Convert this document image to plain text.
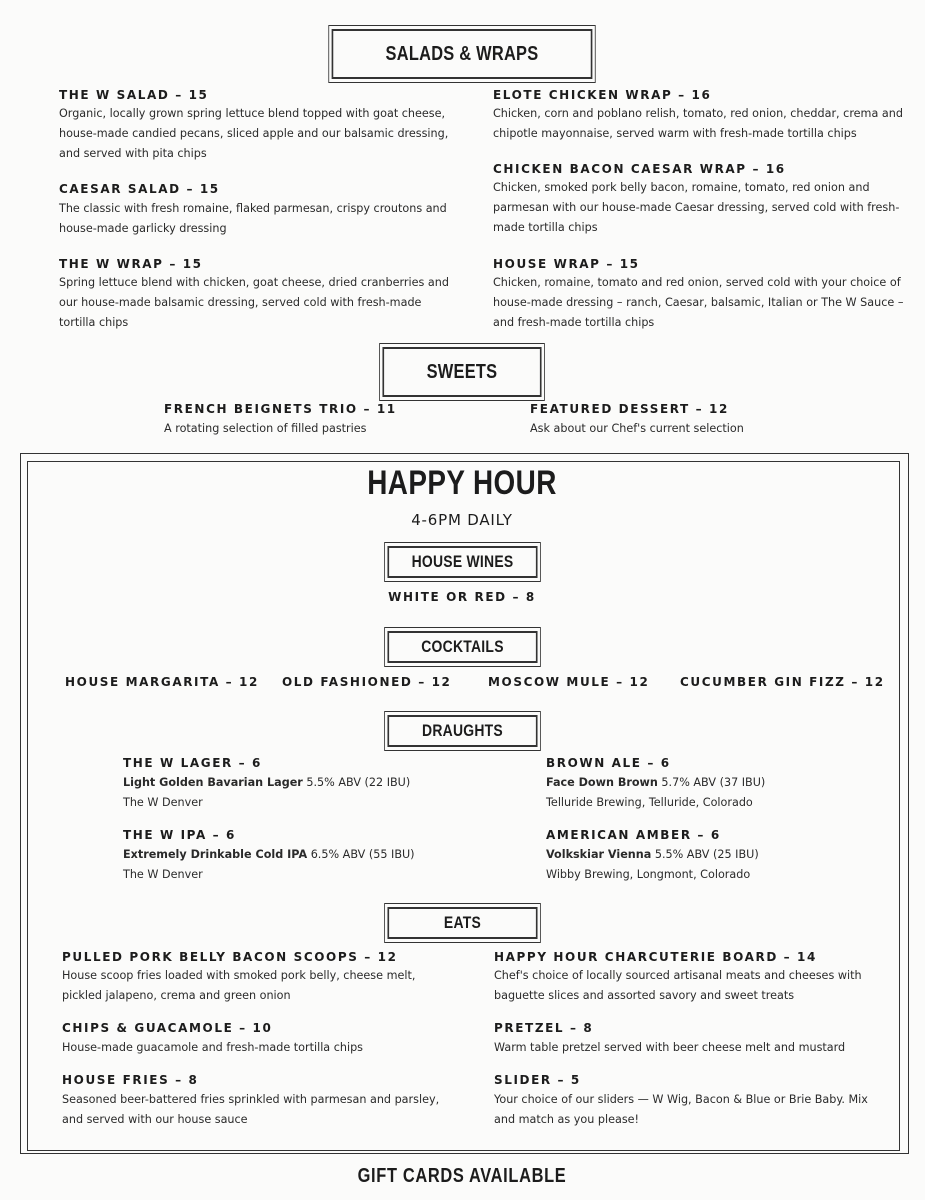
SALADS & WRAPS
THE W SALAD – 15
Organic, locally grown spring lettuce blend topped with goat cheese, house-made candied pecans, sliced apple and our balsamic dressing, and served with pita chips
CAESAR SALAD – 15
The classic with fresh romaine, flaked parmesan, crispy croutons and house-made garlicky dressing
THE W WRAP – 15
Spring lettuce blend with chicken, goat cheese, dried cranberries and our house-made balsamic dressing, served cold with fresh-made tortilla chips
ELOTE CHICKEN WRAP – 16
Chicken, corn and poblano relish, tomato, red onion, cheddar, crema and chipotle mayonnaise, served warm with fresh-made tortilla chips
CHICKEN BACON CAESAR WRAP – 16
Chicken, smoked pork belly bacon, romaine, tomato, red onion and parmesan with our house-made Caesar dressing, served cold with fresh-made tortilla chips
HOUSE WRAP – 15
Chicken, romaine, tomato and red onion, served cold with your choice of house-made dressing – ranch, Caesar, balsamic, Italian or The W Sauce – and fresh-made tortilla chips
SWEETS
FRENCH BEIGNETS TRIO – 11
A rotating selection of filled pastries
FEATURED DESSERT – 12
Ask about our Chef's current selection
HAPPY HOUR
4-6PM DAILY
HOUSE WINES
WHITE OR RED – 8
COCKTAILS
HOUSE MARGARITA – 12 OLD FASHIONED – 12	MOSCOW MULE – 12	CUCUMBER GIN FIZZ – 12
DRAUGHTS
THE W LAGER – 6
Light Golden Bavarian Lager 5.5% ABV (22 IBU)
The W Denver
THE W IPA – 6
Extremely Drinkable Cold IPA 6.5% ABV (55 IBU)
The W Denver
BROWN ALE – 6
Face Down Brown 5.7% ABV (37 IBU)
Telluride Brewing, Telluride, Colorado
AMERICAN AMBER – 6
Volkskiar Vienna 5.5% ABV (25 IBU)
Wibby Brewing, Longmont, Colorado
EATS
PULLED PORK BELLY BACON SCOOPS – 12
House scoop fries loaded with smoked pork belly, cheese melt, pickled jalapeno, crema and green onion
CHIPS & GUACAMOLE – 10
House-made guacamole and fresh-made tortilla chips
HOUSE FRIES – 8
Seasoned beer-battered fries sprinkled with parmesan and parsley, and served with our house sauce
HAPPY HOUR CHARCUTERIE BOARD – 14
Chef's choice of locally sourced artisanal meats and cheeses with baguette slices and assorted savory and sweet treats
PRETZEL – 8
Warm table pretzel served with beer cheese melt and mustard
SLIDER – 5
Your choice of our sliders — W Wig, Bacon & Blue or Brie Baby. Mix and match as you please!
GIFT CARDS AVAILABLE
